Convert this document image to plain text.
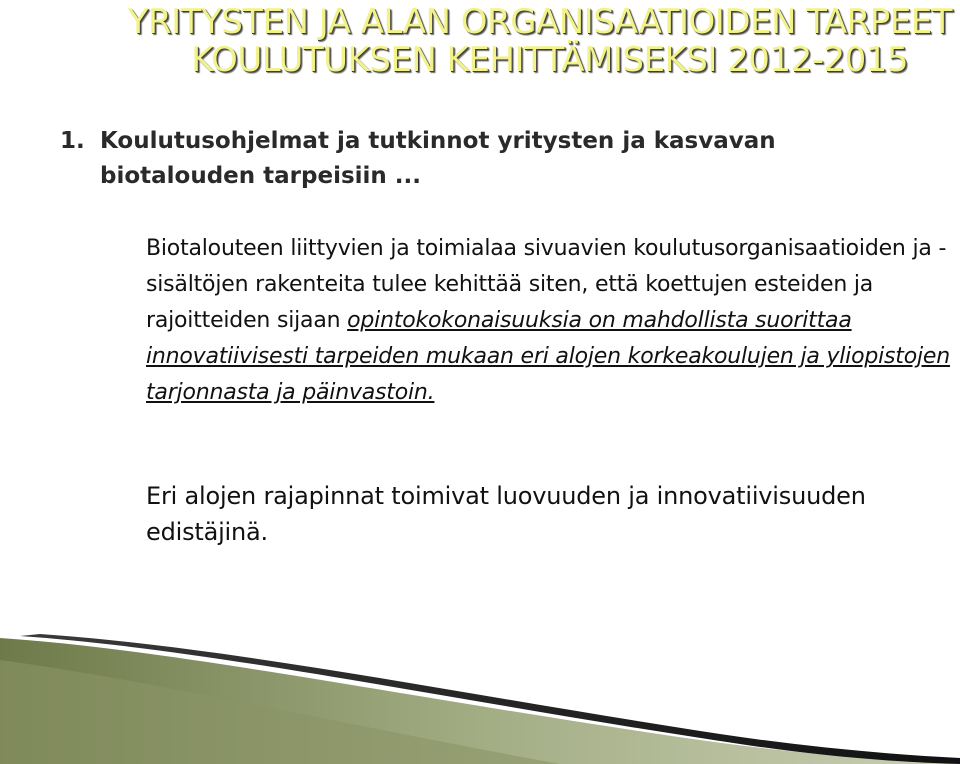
YRITYSTEN JA ALAN ORGANISAATIOIDEN TARPEET
KOULUTUKSEN KEHITTÄMISEKSI 2012-2015
1. Koulutusohjelmat ja tutkinnot yritysten ja kasvavan
biotalouden tarpeisiin ...

Biotalouteen liittyvien ja toimialaa sivuavien koulutusorganisaatioiden ja -sisältöjen rakenteita tulee kehittää siten, että koettujen esteiden ja rajoitteiden sijaan opintokokonaisuuksia on mahdollista suorittaa innovatiivisesti tarpeiden mukaan eri alojen korkeakoulujen ja yliopistojen tarjonnasta ja päinvastoin.

Eri alojen rajapinnat toimivat luovuuden ja innovatiivisuuden edistäjinä.
